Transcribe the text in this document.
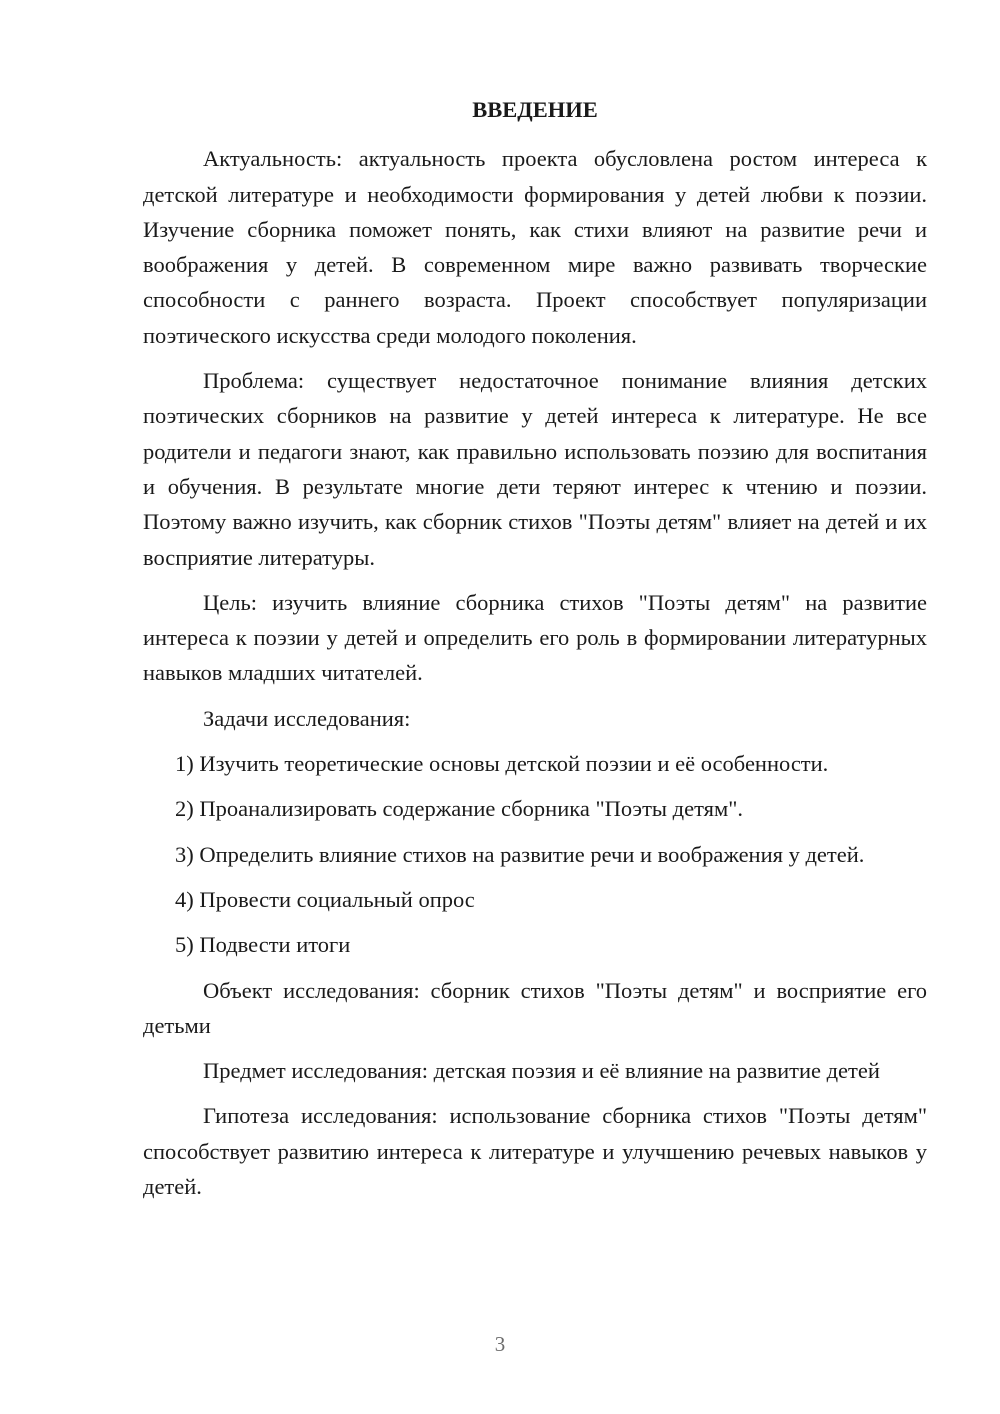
ВВЕДЕНИЕ

Актуальность: актуальность проекта обусловлена ростом интереса к детской литературе и необходимости формирования у детей любви к поэзии. Изучение сборника поможет понять, как стихи влияют на развитие речи и воображения у детей. В современном мире важно развивать творческие способности с раннего возраста. Проект способствует популяризации поэтического искусства среди молодого поколения.

Проблема: существует недостаточное понимание влияния детских поэтических сборников на развитие у детей интереса к литературе. Не все родители и педагоги знают, как правильно использовать поэзию для воспитания и обучения. В результате многие дети теряют интерес к чтению и поэзии. Поэтому важно изучить, как сборник стихов "Поэты детям" влияет на детей и их восприятие литературы.

Цель: изучить влияние сборника стихов "Поэты детям" на развитие интереса к поэзии у детей и определить его роль в формировании литературных навыков младших читателей.

Задачи исследования:

1) Изучить теоретические основы детской поэзии и её особенности.

2) Проанализировать содержание сборника "Поэты детям".

3) Определить влияние стихов на развитие речи и воображения у детей.

4) Провести социальный опрос

5) Подвести итоги

Объект исследования: сборник стихов "Поэты детям" и восприятие его детьми

Предмет исследования: детская поэзия и её влияние на развитие детей

Гипотеза исследования: использование сборника стихов "Поэты детям" способствует развитию интереса к литературе и улучшению речевых навыков у детей.

3
